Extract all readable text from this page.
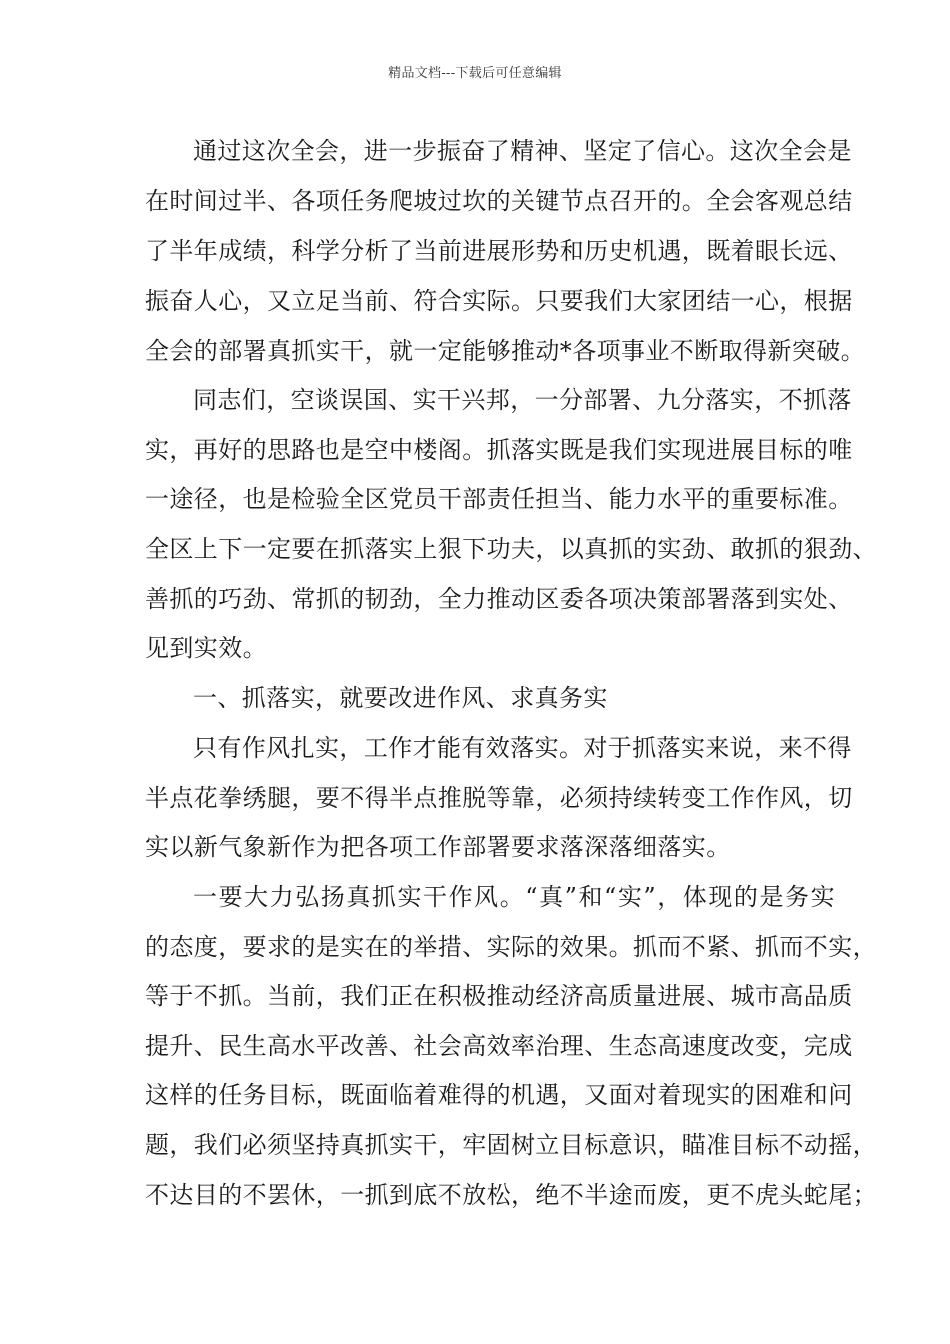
精品文档---下载后可任意编辑
通过这次全会，进一步振奋了精神、坚定了信心。这次全会是
在时间过半、各项任务爬坡过坎的关键节点召开的。全会客观总结
了半年成绩，科学分析了当前进展形势和历史机遇，既着眼长远、
振奋人心，又立足当前、符合实际。只要我们大家团结一心，根据
全会的部署真抓实干，就一定能够推动*各项事业不断取得新突破。
同志们，空谈误国、实干兴邦，一分部署、九分落实，不抓落
实，再好的思路也是空中楼阁。抓落实既是我们实现进展目标的唯
一途径，也是检验全区党员干部责任担当、能力水平的重要标准。
全区上下一定要在抓落实上狠下功夫，以真抓的实劲、敢抓的狠劲、
善抓的巧劲、常抓的韧劲，全力推动区委各项决策部署落到实处、
见到实效。
一、抓落实，就要改进作风、求真务实
只有作风扎实，工作才能有效落实。对于抓落实来说，来不得
半点花拳绣腿，要不得半点推脱等靠，必须持续转变工作作风，切
实以新气象新作为把各项工作部署要求落深落细落实。
一要大力弘扬真抓实干作风。“真”和“实”，体现的是务实
的态度，要求的是实在的举措、实际的效果。抓而不紧、抓而不实，
等于不抓。当前，我们正在积极推动经济高质量进展、城市高品质
提升、民生高水平改善、社会高效率治理、生态高速度改变，完成
这样的任务目标，既面临着难得的机遇，又面对着现实的困难和问
题，我们必须坚持真抓实干，牢固树立目标意识，瞄准目标不动摇，
不达目的不罢休，一抓到底不放松，绝不半途而废，更不虎头蛇尾；
